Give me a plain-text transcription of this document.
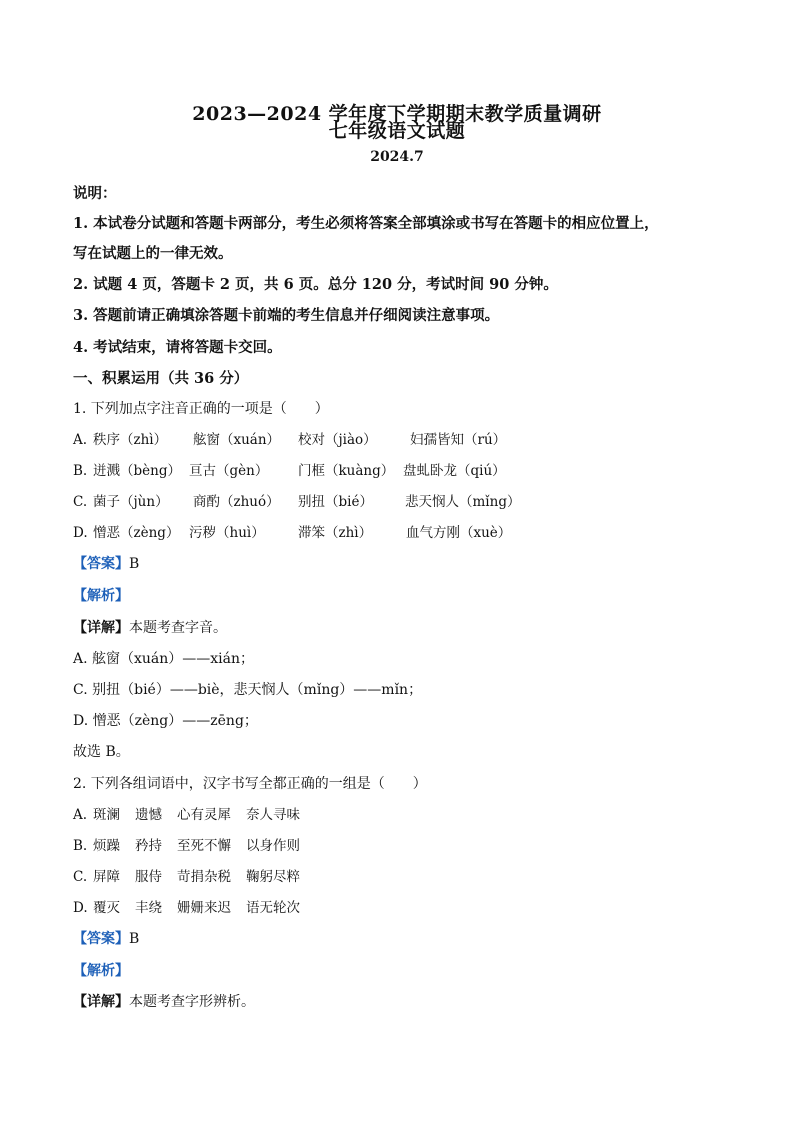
2023—2024 学年度下学期期末教学质量调研
七年级语文试题
2024.7
说明：
1. 本试卷分试题和答题卡两部分，考生必须将答案全部填涂或书写在答题卡的相应位置上，
写在试题上的一律无效。
2. 试题 4 页，答题卡 2 页，共 6 页。总分 120 分，考试时间 90 分钟。
3. 答题前请正确填涂答题卡前端的考生信息并仔细阅读注意事项。
4. 考试结束，请将答题卡交回。
一、积累运用（共 36 分）
1. 下列加点字注音正确的一项是（　　）
A. 秩序（zhì） 舷窗（xuán） 校对（jiào） 妇孺皆知（rú）
B. 迸溅（bèng） 亘古（gèn） 门框（kuàng） 盘虬卧龙（qiú）
C. 菌子（jùn） 商酌（zhuó） 别扭（bié） 悲天悯人（mǐng）
D. 憎恶（zèng） 污秽（huì） 滞笨（zhì）	血气方刚（xuè）
【答案】B
【解析】
【详解】本题考查字音。
A. 舷窗（xuán）——xián；
C. 别扭（bié）——biè，悲天悯人（mǐng）——mǐn；
D. 憎恶（zèng）——zēng；
故选 B。
2. 下列各组词语中，汉字书写全都正确的一组是（　　）
A. 斑澜 遗憾 心有灵犀 奈人寻味
B. 烦躁 矜持 至死不懈 以身作则
C. 屏障 服侍 苛捐杂税 鞠躬尽粹
D. 覆灭 丰绕 姗姗来迟 语无轮次
【答案】B
【解析】
【详解】本题考查字形辨析。
